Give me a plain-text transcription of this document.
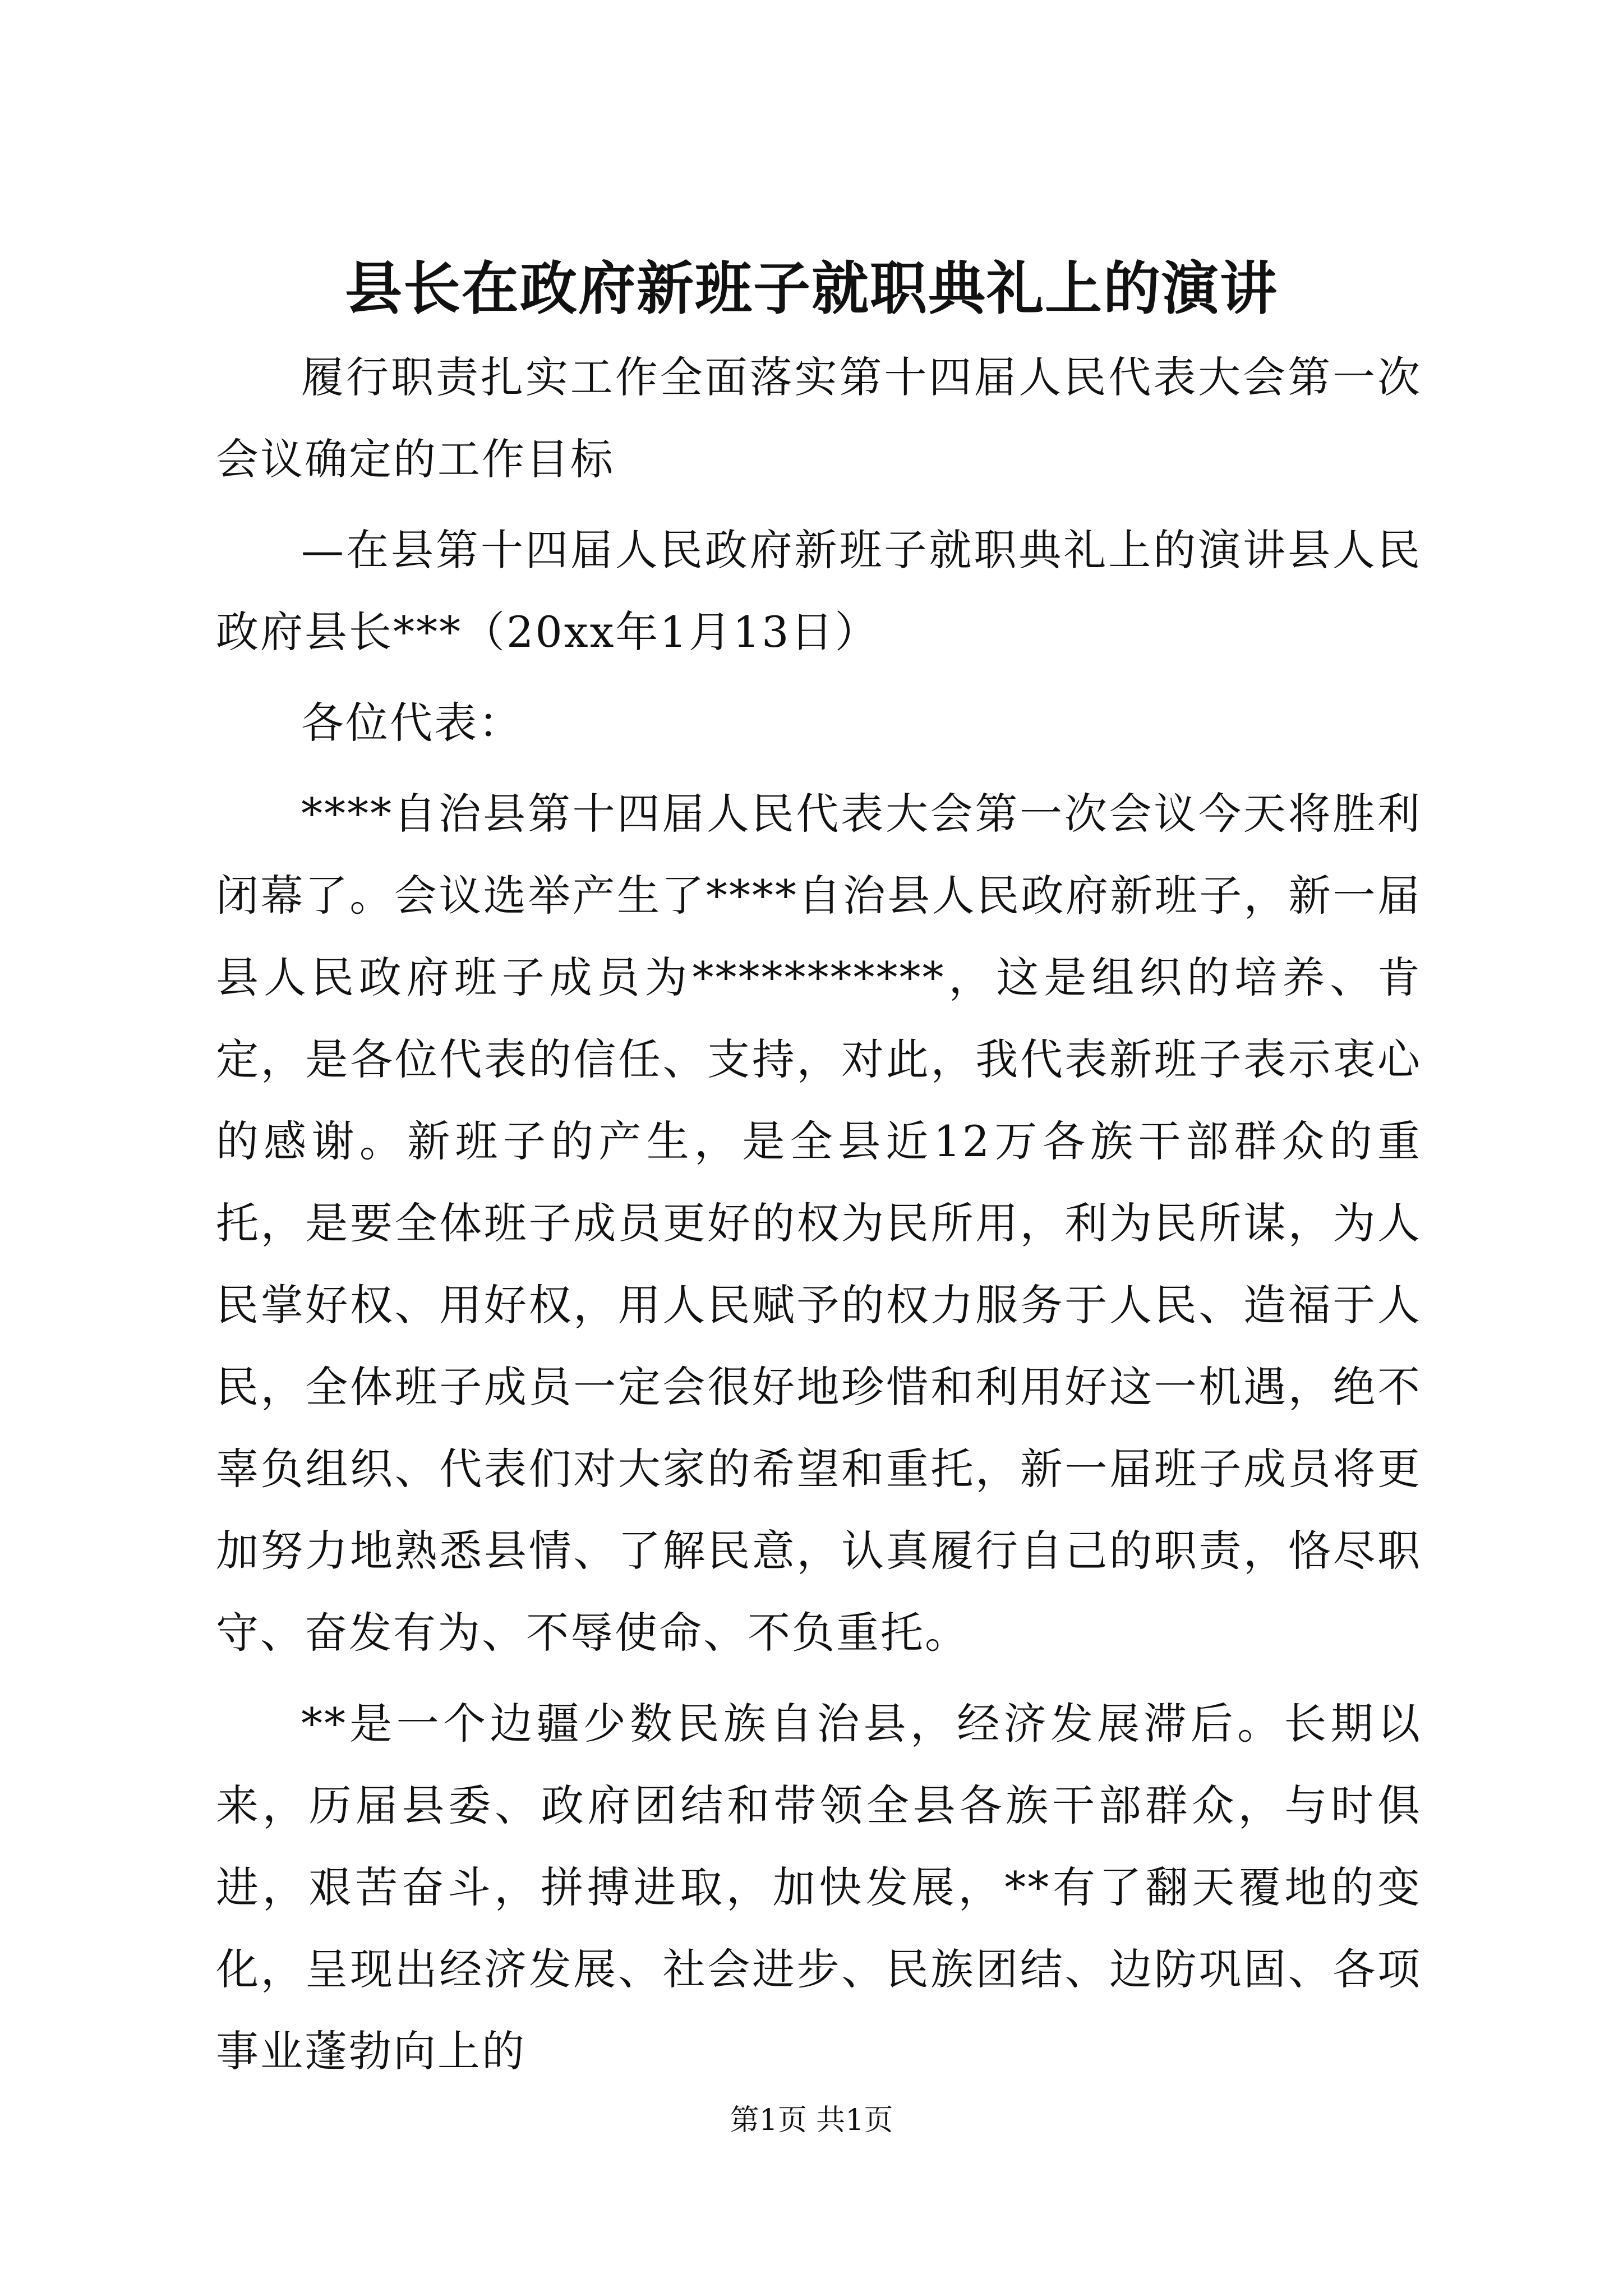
县长在政府新班子就职典礼上的演讲

履行职责扎实工作全面落实第十四届人民代表大会第一次会议确定的工作目标

—在县第十四届人民政府新班子就职典礼上的演讲县人民政府县长***（20xx年1月13日）

各位代表：

****自治县第十四届人民代表大会第一次会议今天将胜利闭幕了。会议选举产生了****自治县人民政府新班子，新一届县人民政府班子成员为***********，这是组织的培养、肯定，是各位代表的信任、支持，对此，我代表新班子表示衷心的感谢。新班子的产生，是全县近12万各族干部群众的重托，是要全体班子成员更好的权为民所用，利为民所谋，为人民掌好权、用好权，用人民赋予的权力服务于人民、造福于人民，全体班子成员一定会很好地珍惜和利用好这一机遇，绝不辜负组织、代表们对大家的希望和重托，新一届班子成员将更加努力地熟悉县情、了解民意，认真履行自己的职责，恪尽职守、奋发有为、不辱使命、不负重托。

**是一个边疆少数民族自治县，经济发展滞后。长期以来，历届县委、政府团结和带领全县各族干部群众，与时俱进，艰苦奋斗，拼搏进取，加快发展，**有了翻天覆地的变化，呈现出经济发展、社会进步、民族团结、边防巩固、各项事业蓬勃向上的

第1页 共1页
